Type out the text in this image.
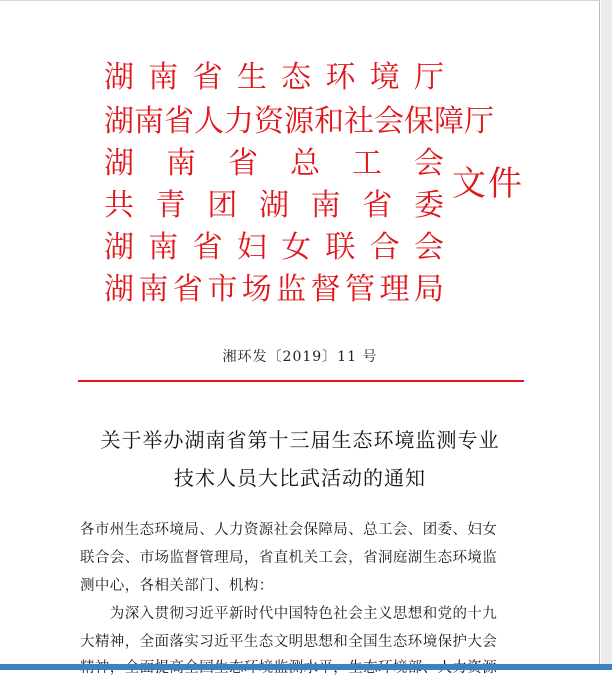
湖 南 省 生 态 环 境 厅
湖 南 省 人 力 资 源 和 社 会 保 障 厅
湖 南 省 总 工 会
共 青 团 湖 南 省 委
湖 南 省 妇 女 联 合 会
湖 南 省 市 场 监 督 管 理 局
文件
湘环发〔2019〕11 号
关于举办湖南省第十三届生态环境监测专业
技术人员大比武活动的通知
各市州生态环境局、人力资源社会保障局、总工会、团委、妇女
联合会、市场监督管理局，省直机关工会，省洞庭湖生态环境监
测中心，各相关部门、机构：
　　为深入贯彻习近平新时代中国特色社会主义思想和党的十九
大精神，全面落实习近平生态文明思想和全国生态环境保护大会
